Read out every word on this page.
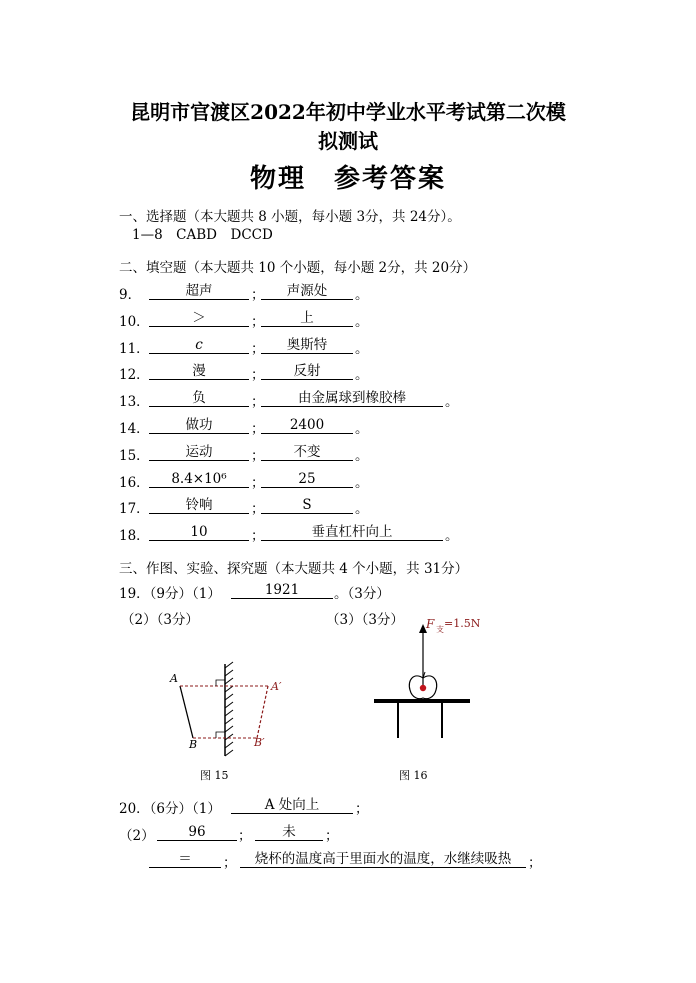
昆明市官渡区2022年初中学业水平考试第二次模
拟测试
物理　参考答案
一、选择题（本大题共 8 小题，每小题 3分，共 24分）。
1—8　CABD　DCCD
二、填空题（本大题共 10 个小题，每小题 2分，共 20分）
9．	超声	；	声源处	。
10．	＞	；	上	。
11．	c	；	奥斯特	。
12．	漫	；	反射	。
13．	负	；	由金属球到橡胶棒	。
14．	做功	；	2400	。
15．	运动	；	不变	。
16．	8.4×10⁶	；	25	。
17．	铃响	；	S	。
18．	10	；	垂直杠杆向上	。
三、作图、实验、探究题（本大题共 4 个小题，共 31分）
19．（9分）（1）	1921	。（3分）
（2）（3分）	（3）（3分）
A
B
A′
B′
图 15
F 支 =1.5N
图 16
20．（6分）（1）	A 处向上	；
（2）	96	；	未	；
＝	；	烧杯的温度高于里面水的温度，水继续吸热	；
